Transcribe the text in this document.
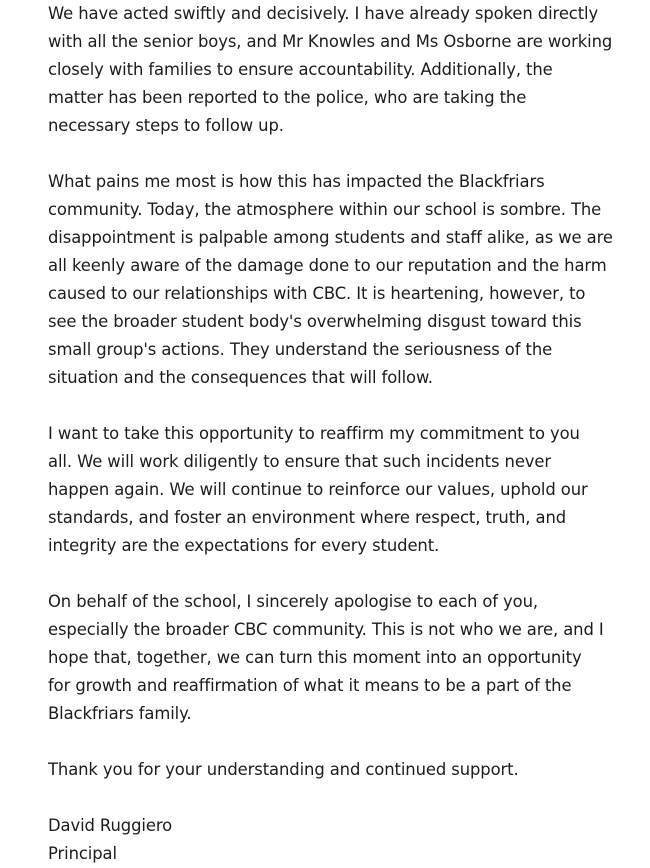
We have acted swiftly and decisively. I have already spoken directly
with all the senior boys, and Mr Knowles and Ms Osborne are working
closely with families to ensure accountability. Additionally, the
matter has been reported to the police, who are taking the
necessary steps to follow up.

What pains me most is how this has impacted the Blackfriars
community. Today, the atmosphere within our school is sombre. The
disappointment is palpable among students and staff alike, as we are
all keenly aware of the damage done to our reputation and the harm
caused to our relationships with CBC. It is heartening, however, to
see the broader student body's overwhelming disgust toward this
small group's actions. They understand the seriousness of the
situation and the consequences that will follow.

I want to take this opportunity to reaffirm my commitment to you
all. We will work diligently to ensure that such incidents never
happen again. We will continue to reinforce our values, uphold our
standards, and foster an environment where respect, truth, and
integrity are the expectations for every student.

On behalf of the school, I sincerely apologise to each of you,
especially the broader CBC community. This is not who we are, and I
hope that, together, we can turn this moment into an opportunity
for growth and reaffirmation of what it means to be a part of the
Blackfriars family.

Thank you for your understanding and continued support.

David Ruggiero

Principal
